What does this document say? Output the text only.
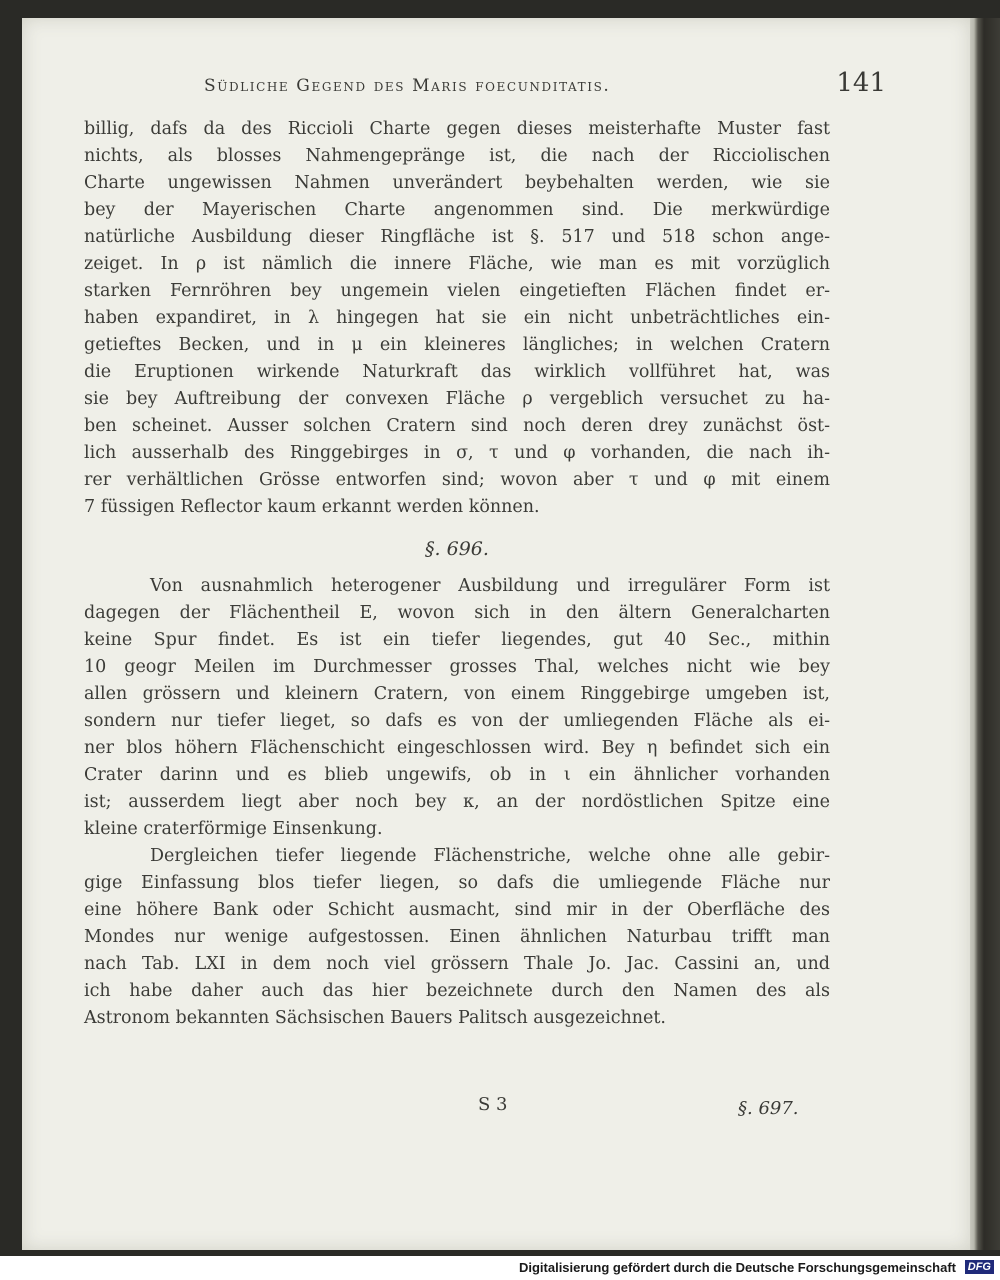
Südliche Gegend des Maris foecunditatis.	141
billig, dafs da des Riccioli Charte gegen dieses meisterhafte Muster fast
nichts, als blosses Nahmengepränge ist, die nach der Ricciolischen
Charte ungewissen Nahmen unverändert beybehalten werden, wie sie
bey der Mayerischen Charte angenommen sind. Die merkwürdige
natürliche Ausbildung dieser Ringfläche ist §. 517 und 518 schon ange-
zeiget. In ρ ist nämlich die innere Fläche, wie man es mit vorzüglich
starken Fernröhren bey ungemein vielen eingetieften Flächen findet er-
haben expandiret, in λ hingegen hat sie ein nicht unbeträchtliches ein-
getieftes Becken, und in μ ein kleineres längliches; in welchen Cratern
die Eruptionen wirkende Naturkraft das wirklich vollführet hat, was
sie bey Auftreibung der convexen Fläche ρ vergeblich versuchet zu ha-
ben scheinet. Ausser solchen Cratern sind noch deren drey zunächst öst-
lich ausserhalb des Ringgebirges in σ, τ und φ vorhanden, die nach ih-
rer verhältlichen Grösse entworfen sind; wovon aber τ und φ mit einem
7 füssigen Reflector kaum erkannt werden können.
§. 696.
Von ausnahmlich heterogener Ausbildung und irregulärer Form ist
dagegen der Flächentheil E, wovon sich in den ältern Generalcharten
keine Spur findet. Es ist ein tiefer liegendes, gut 40 Sec., mithin
10 geogr Meilen im Durchmesser grosses Thal, welches nicht wie bey
allen grössern und kleinern Cratern, von einem Ringgebirge umgeben ist,
sondern nur tiefer lieget, so dafs es von der umliegenden Fläche als ei-
ner blos höhern Flächenschicht eingeschlossen wird. Bey η befindet sich ein
Crater darinn und es blieb ungewifs, ob in ι ein ähnlicher vorhanden
ist; ausserdem liegt aber noch bey κ, an der nordöstlichen Spitze eine
kleine craterförmige Einsenkung.
Dergleichen tiefer liegende Flächenstriche, welche ohne alle gebir-
gige Einfassung blos tiefer liegen, so dafs die umliegende Fläche nur
eine höhere Bank oder Schicht ausmacht, sind mir in der Oberfläche des
Mondes nur wenige aufgestossen. Einen ähnlichen Naturbau trifft man
nach Tab. LXI in dem noch viel grössern Thale Jo. Jac. Cassini an, und
ich habe daher auch das hier bezeichnete durch den Namen des als
Astronom bekannten Sächsischen Bauers Palitsch ausgezeichnet.
S 3	§. 697.
Digitalisierung gefördert durch die Deutsche Forschungsgemeinschaft DFG
